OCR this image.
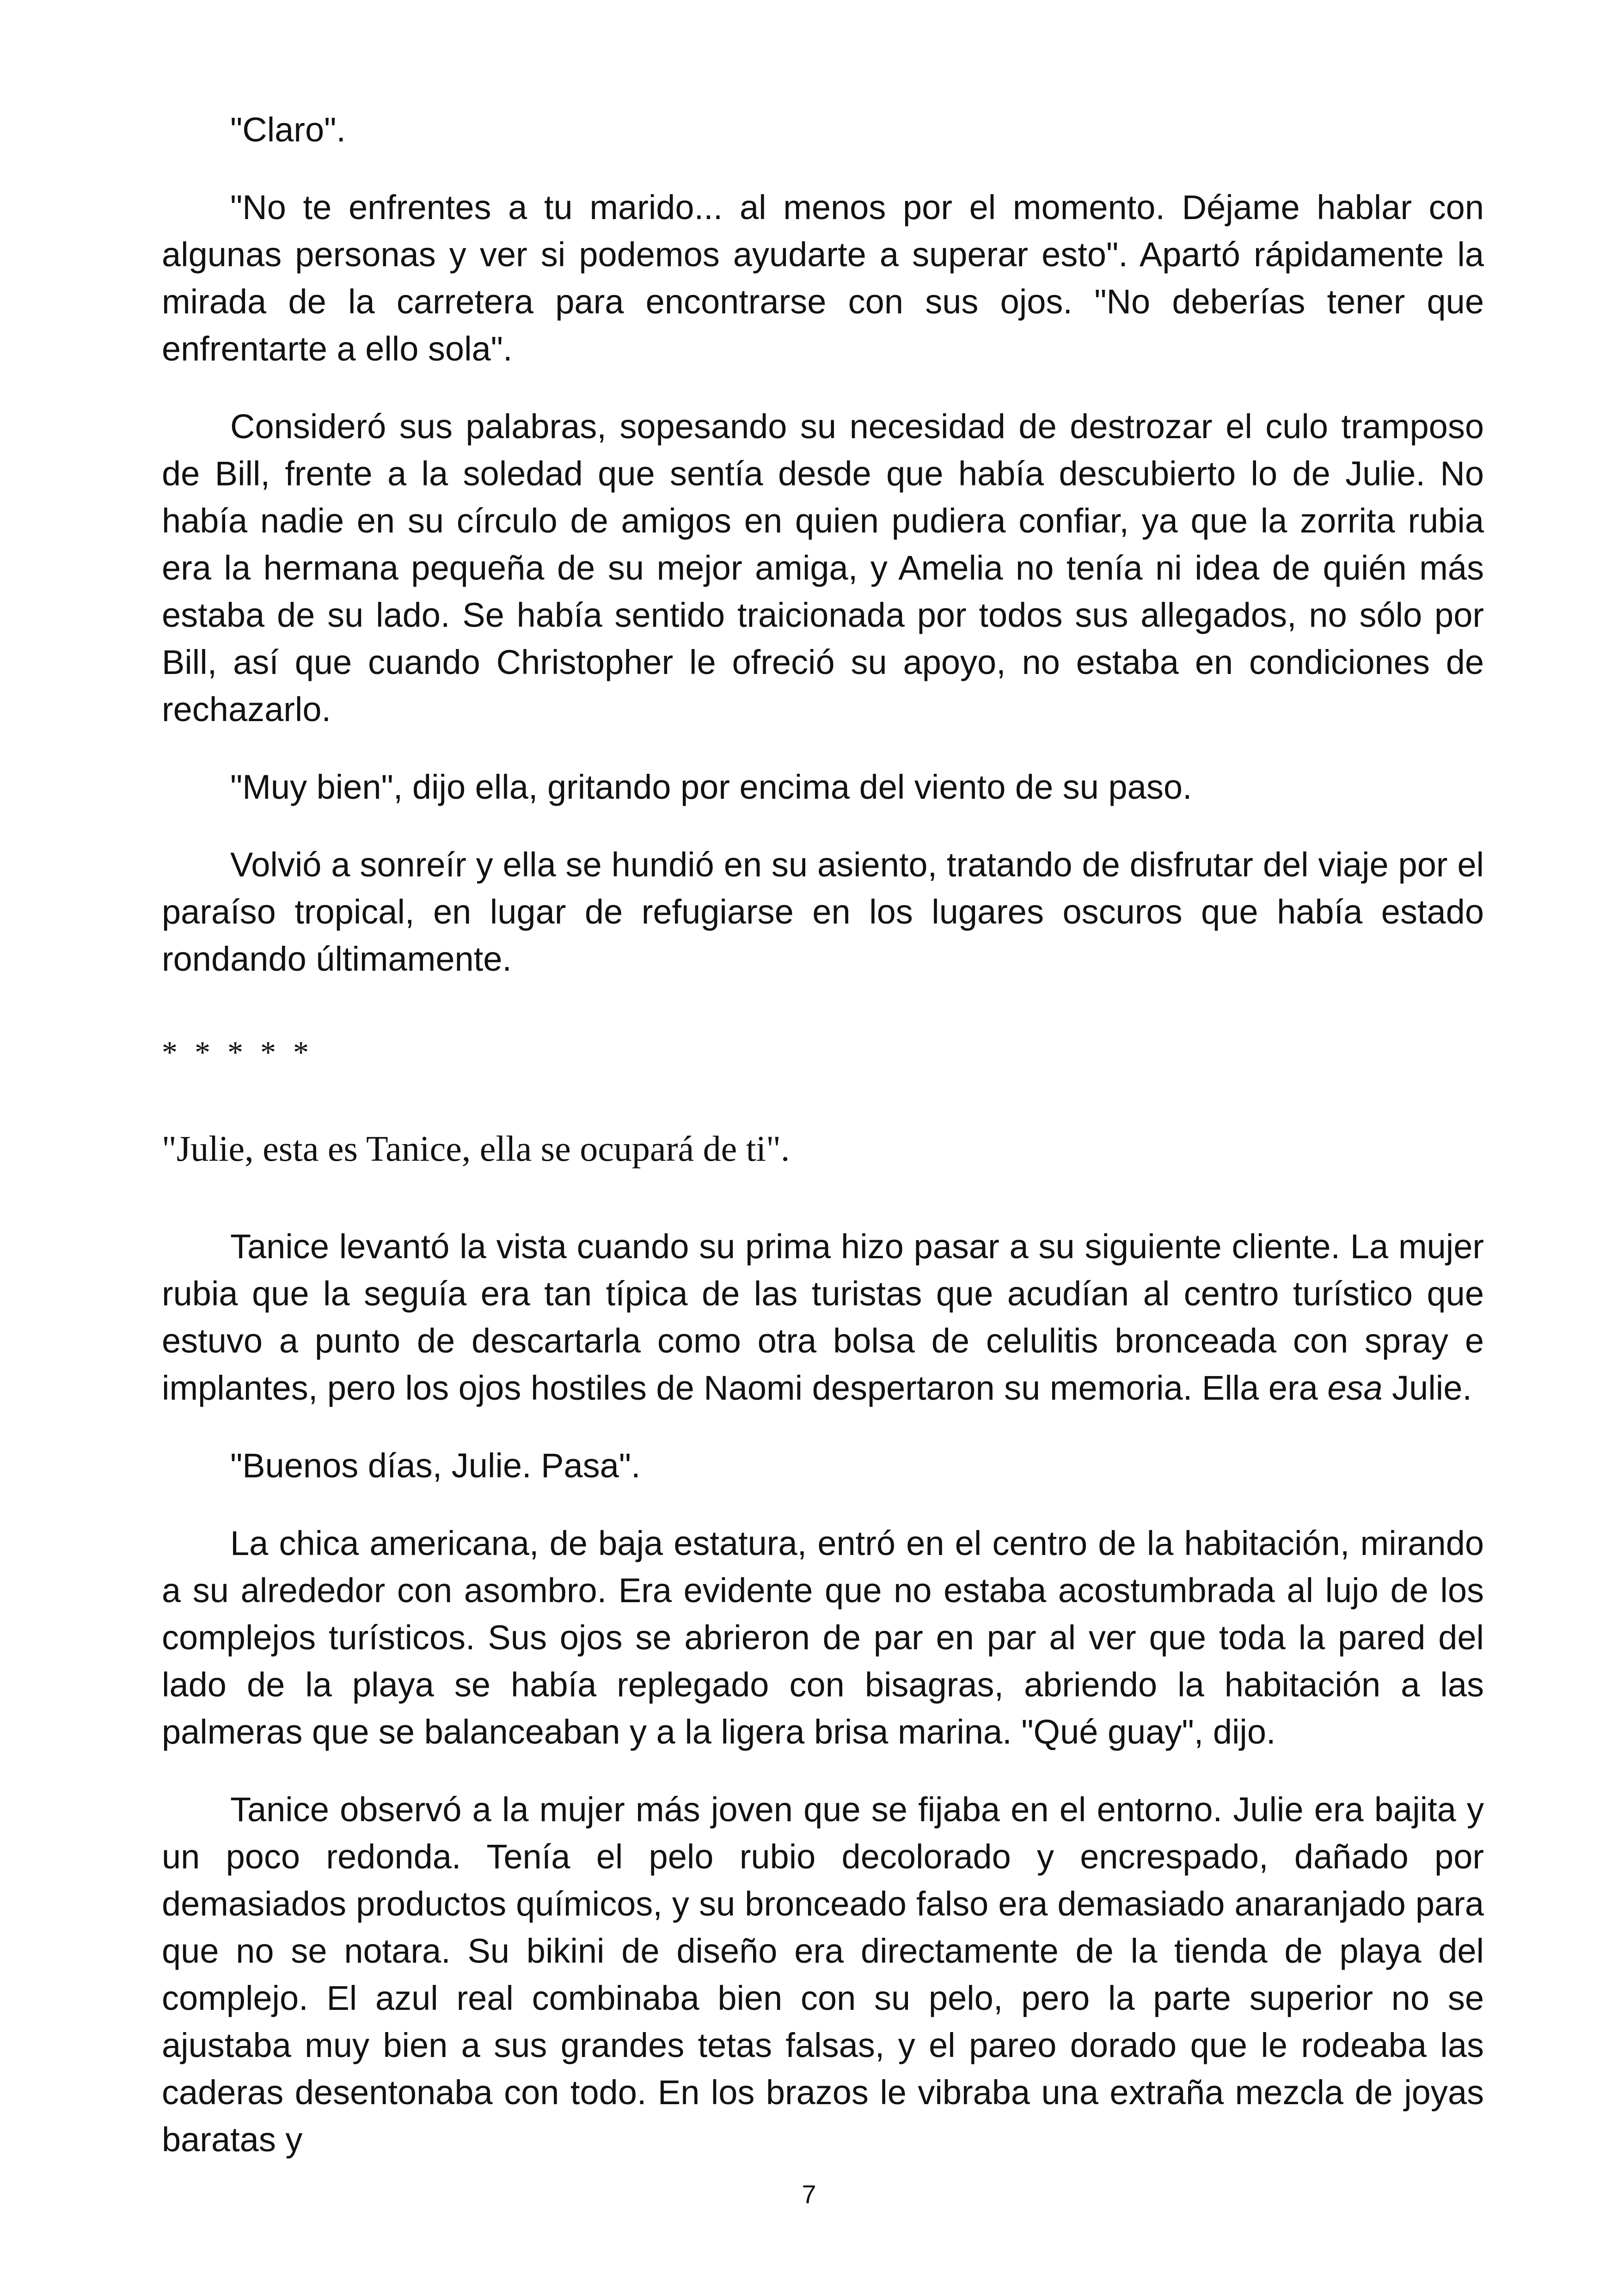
"Claro".

"No te enfrentes a tu marido... al menos por el momento. Déjame hablar con algunas personas y ver si podemos ayudarte a superar esto". Apartó rápidamente la mirada de la carretera para encontrarse con sus ojos. "No deberías tener que enfrentarte a ello sola".

Consideró sus palabras, sopesando su necesidad de destrozar el culo tramposo de Bill, frente a la soledad que sentía desde que había descubierto lo de Julie. No había nadie en su círculo de amigos en quien pudiera confiar, ya que la zorrita rubia era la hermana pequeña de su mejor amiga, y Amelia no tenía ni idea de quién más estaba de su lado. Se había sentido traicionada por todos sus allegados, no sólo por Bill, así que cuando Christopher le ofreció su apoyo, no estaba en condiciones de rechazarlo.

"Muy bien", dijo ella, gritando por encima del viento de su paso.

Volvió a sonreír y ella se hundió en su asiento, tratando de disfrutar del viaje por el paraíso tropical, en lugar de refugiarse en los lugares oscuros que había estado rondando últimamente.

* * * * *
"Julie, esta es Tanice, ella se ocupará de ti".

Tanice levantó la vista cuando su prima hizo pasar a su siguiente cliente. La mujer rubia que la seguía era tan típica de las turistas que acudían al centro turístico que estuvo a punto de descartarla como otra bolsa de celulitis bronceada con spray e implantes, pero los ojos hostiles de Naomi despertaron su memoria. Ella era esa Julie.

"Buenos días, Julie. Pasa".

La chica americana, de baja estatura, entró en el centro de la habitación, mirando a su alrededor con asombro. Era evidente que no estaba acostumbrada al lujo de los complejos turísticos. Sus ojos se abrieron de par en par al ver que toda la pared del lado de la playa se había replegado con bisagras, abriendo la habitación a las palmeras que se balanceaban y a la ligera brisa marina. "Qué guay", dijo.

Tanice observó a la mujer más joven que se fijaba en el entorno. Julie era bajita y un poco redonda. Tenía el pelo rubio decolorado y encrespado, dañado por demasiados productos químicos, y su bronceado falso era demasiado anaranjado para que no se notara. Su bikini de diseño era directamente de la tienda de playa del complejo. El azul real combinaba bien con su pelo, pero la parte superior no se ajustaba muy bien a sus grandes tetas falsas, y el pareo dorado que le rodeaba las caderas desentonaba con todo. En los brazos le vibraba una extraña mezcla de joyas baratas y

7
